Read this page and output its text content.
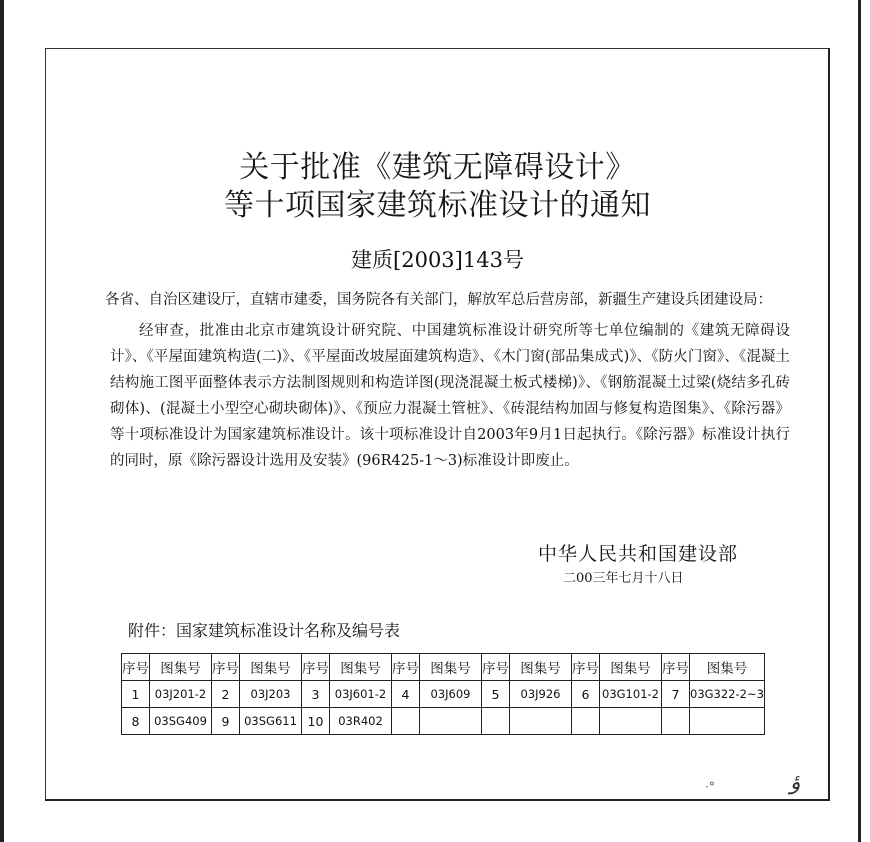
关于批准《建筑无障碍设计》
等十项国家建筑标准设计的通知
建质[2003]143号
各省、自治区建设厅，直辖市建委，国务院各有关部门，解放军总后营房部，新疆生产建设兵团建设局：
经审查，批准由北京市建筑设计研究院、中国建筑标准设计研究所等七单位编制的《建筑无障碍设计》、《平屋面建筑构造(二)》、《平屋面改坡屋面建筑构造》、《木门窗(部品集成式)》、《防火门窗》、《混凝土结构施工图平面整体表示方法制图规则和构造详图(现浇混凝土板式楼梯)》、《钢筋混凝土过梁(烧结多孔砖砌体)、(混凝土小型空心砌块砌体)》、《预应力混凝土管桩》、《砖混结构加固与修复构造图集》、《除污器》等十项标准设计为国家建筑标准设计。该十项标准设计自2003年9月1日起执行。《除污器》标准设计执行的同时，原《除污器设计选用及安装》(96R425-1～3)标准设计即废止。
中华人民共和国建设部
二00三年七月十八日
附件：国家建筑标准设计名称及编号表
序号	图集号	序号	图集号	序号	图集号	序号	图集号	序号	图集号	序号	图集号	序号	图集号
1	03J201-2	2	03J203	3	03J601-2	4	03J609	5	03J926	6	03G101-2	7	03G322-2~3
8	03SG409	9	03SG611	10	03R402								
·°	ؤ
